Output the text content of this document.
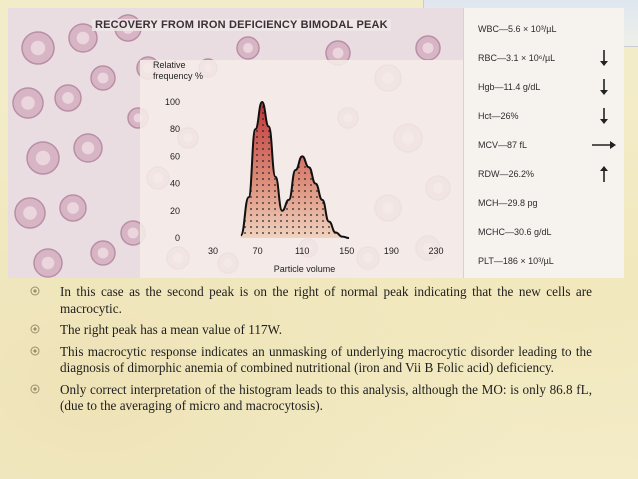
RECOVERY FROM IRON DEFICIENCY BIMODAL PEAK
Relative
frequency %
0
20
40
60
80
100
30	70	110	150	190	230
Particle volume
WBC—5.6 × 10³/µL
RBC—3.1 × 10⁶/µL
Hgb—11.4 g/dL
Hct—26%
MCV—87 fL
RDW—26.2%
MCH—29.8 pg
MCHC—30.6 g/dL
PLT—186 × 10³/µL
In this case as the second peak is on the right of normal peak indicating that the new cells are macrocytic.
The right peak has a mean value of 117W.
This macrocytic response indicates an unmasking of underlying macrocytic disorder leading to the diagnosis of dimorphic anemia of combined nutritional (iron and Vii B Folic acid) deficiency.
Only correct interpretation of the histogram leads to this analysis, although the MO: is only 86.8 fL, (due to the averaging of micro and macrocytosis).
